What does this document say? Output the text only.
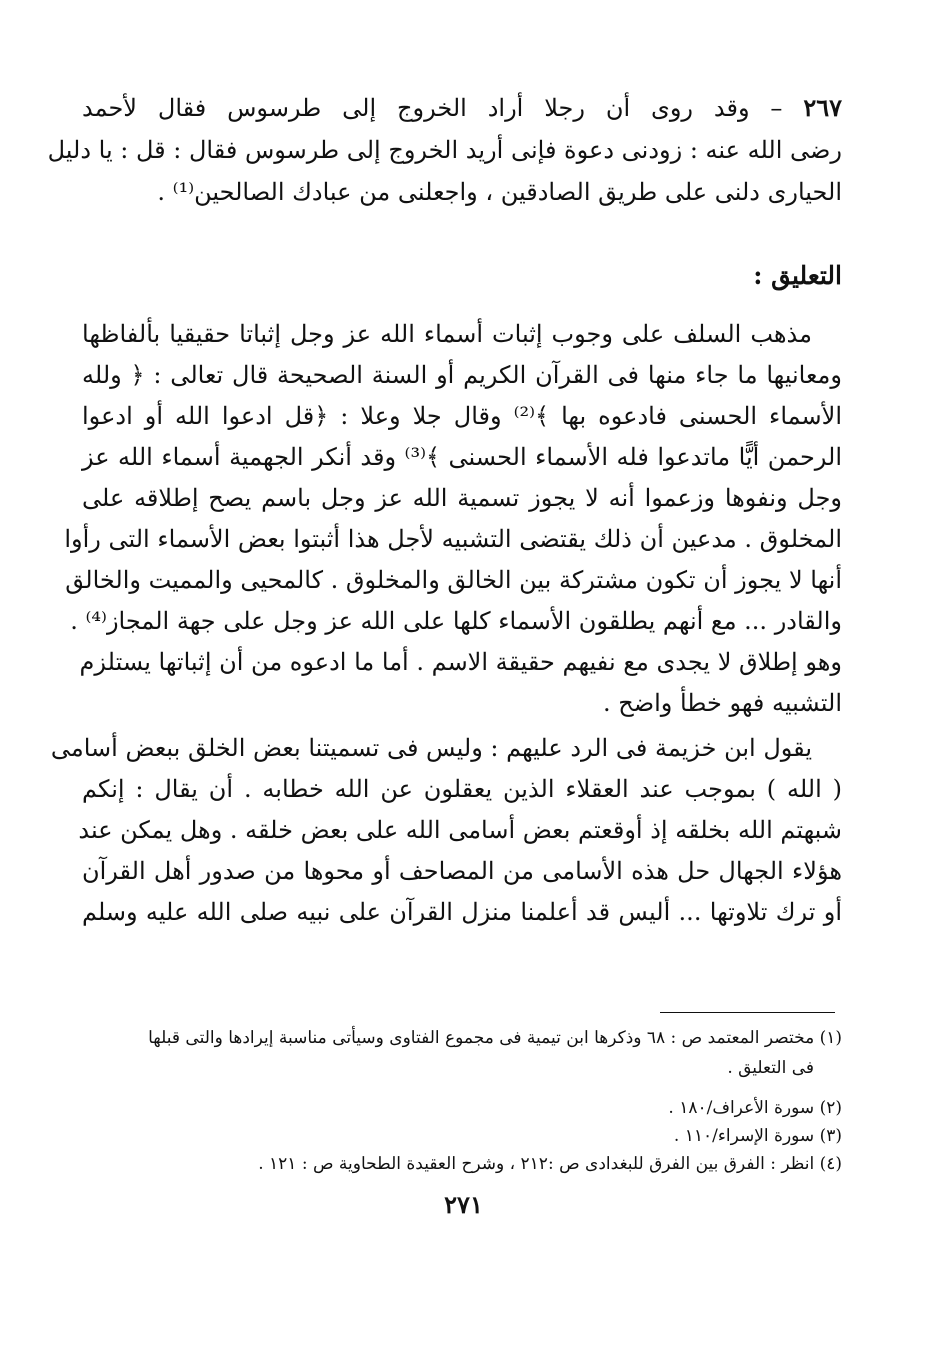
٢٦٧ – وقد روى أن رجلا أراد الخروج إلى طرسوس فقال لأحمد
رضى الله عنه : زودنى دعوة فإنى أريد الخروج إلى طرسوس فقال : قل : يا دليل
الحيارى دلنى على طريق الصادقين ، واجعلنى من عبادك الصالحين⁽¹⁾ .
التعليق :
مذهب السلف على وجوب إثبات أسماء الله عز وجل إثباتا حقيقيا بألفاظها
ومعانيها ما جاء منها فى القرآن الكريم أو السنة الصحيحة قال تعالى : ﴿ ولله
الأسماء الحسنى فادعوه بها ﴾⁽²⁾ وقال جلا وعلا : ﴿قل ادعوا الله أو ادعوا
الرحمن أيًّا ماتدعوا فله الأسماء الحسنى ﴾⁽³⁾ وقد أنكر الجهمية أسماء الله عز
وجل ونفوها وزعموا أنه لا يجوز تسمية الله عز وجل باسم يصح إطلاقه على
المخلوق . مدعين أن ذلك يقتضى التشبيه لأجل هذا أثبتوا بعض الأسماء التى رأوا
أنها لا يجوز أن تكون مشتركة بين الخالق والمخلوق . كالمحيى والمميت والخالق
والقادر ... مع أنهم يطلقون الأسماء كلها على الله عز وجل على جهة المجاز⁽⁴⁾ .
وهو إطلاق لا يجدى مع نفيهم حقيقة الاسم . أما ما ادعوه من أن إثباتها يستلزم
التشبيه فهو خطأ واضح .
يقول ابن خزيمة فى الرد عليهم : وليس فى تسميتنا بعض الخلق ببعض أسامى
( الله ) بموجب عند العقلاء الذين يعقلون عن الله خطابه . أن يقال : إنكم
شبهتم الله بخلقه إذ أوقعتم بعض أسامى الله على بعض خلقه . وهل يمكن عند
هؤلاء الجهال حل هذه الأسامى من المصاحف أو محوها من صدور أهل القرآن
أو ترك تلاوتها ... أليس قد أعلمنا منزل القرآن على نبيه صلى الله عليه وسلم
(١) مختصر المعتمد ص : ٦٨ وذكرها ابن تيمية فى مجموع الفتاوى وسيأتى مناسبة إيرادها والتى قبلها
فى التعليق .
(٢) سورة الأعراف/١٨٠ .
(٣) سورة الإسراء/١١٠ .
(٤) انظر : الفرق بين الفرق للبغدادى ص :٢١٢ ، وشرح العقيدة الطحاوية ص : ١٢١ .
٢٧١
